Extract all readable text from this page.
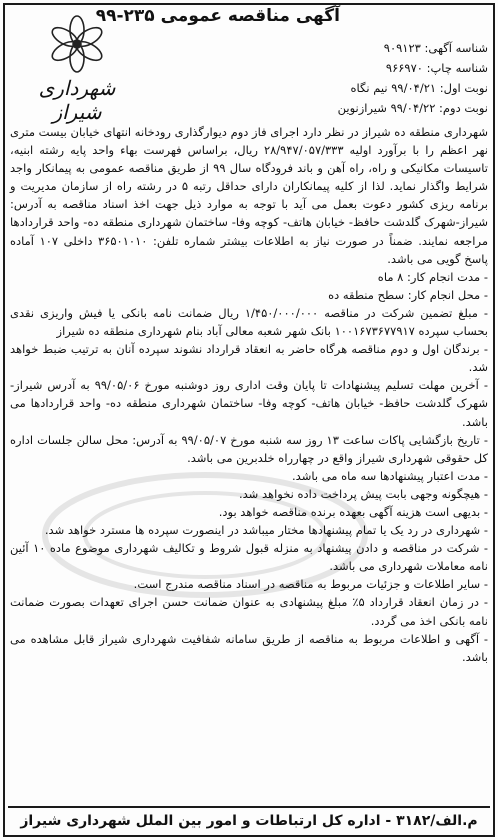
آگهی مناقصه عمومی ۲۳۵-۹۹
شناسه آگهی: ۹۰۹۱۲۳
شناسه چاپ: ۹۶۶۹۷۰
نوبت اول: ۹۹/۰۴/۲۱ نیم نگاه
نوبت دوم: ۹۹/۰۴/۲۲ شیرازنوین
شهرداری شیراز

شهرداری منطقه ده شیراز در نظر دارد اجرای فاز دوم دیوارگذاری رودخانه انتهای خیابان بیست متری نهر اعظم را با برآورد اولیه ۲۸/۹۴۷/۰۵۷/۳۳۳ ریال، براساس فهرست بهاء واحد پایه رشته ابنیه، تاسیسات مکانیکی و راه، راه آهن و باند فرودگاه سال ۹۹ از طریق مناقصه عمومی به پیمانکار واجد شرایط واگذار نماید. لذا از کلیه پیمانکاران دارای حداقل رتبه ۵ در رشته راه از سازمان مدیریت و برنامه ریزی کشور دعوت بعمل می آید با توجه به موارد ذیل جهت اخذ اسناد مناقصه به آدرس: شیراز-شهرک گلدشت حافظ- خیابان هاتف- کوچه وفا- ساختمان شهرداری منطقه ده- واحد قراردادها مراجعه نمایند. ضمناً در صورت نیاز به اطلاعات بیشتر شماره تلفن: ۳۶۵۰۱۰۱۰ داخلی ۱۰۷ آماده پاسخ گویی می باشد.

- مدت انجام کار: ۸ ماه
- محل انجام کار: سطح منطقه ده
- مبلغ تضمین شرکت در مناقصه ۱/۴۵۰/۰۰۰/۰۰۰ ریال ضمانت نامه بانکی یا فیش واریزی نقدی بحساب سپرده ۱۰۰۱۶۷۳۶۷۷۹۱۷ بانک شهر شعبه معالی آباد بنام شهرداری منطقه ده شیراز
- برندگان اول و دوم مناقصه هرگاه حاضر به انعقاد قرارداد نشوند سپرده آنان به ترتیب ضبط خواهد شد.
- آخرین مهلت تسلیم پیشنهادات تا پایان وقت اداری روز دوشنبه مورخ ۹۹/۰۵/۰۶ به آدرس شیراز-شهرک گلدشت حافظ- خیابان هاتف- کوچه وفا- ساختمان شهرداری منطقه ده- واحد قراردادها می باشد.
- تاریخ بازگشایی پاکات ساعت ۱۳ روز سه شنبه مورخ ۹۹/۰۵/۰۷ به آدرس: محل سالن جلسات اداره کل حقوقی شهرداری شیراز واقع در چهارراه خلدبرین می باشد.
- مدت اعتبار پیشنهادها سه ماه می باشد.
- هیچگونه وجهی بابت پیش پرداخت داده نخواهد شد.
- بدیهی است هزینه آگهی بعهده برنده مناقصه خواهد بود.
- شهرداری در رد یک یا تمام پیشنهادها مختار میباشد در اینصورت سپرده ها مسترد خواهد شد.
- شرکت در مناقصه و دادن پیشنهاد به منزله قبول شروط و تکالیف شهرداری موضوع ماده ۱۰ آئین نامه معاملات شهرداری می باشد.
- سایر اطلاعات و جزئیات مربوط به مناقصه در اسناد مناقصه مندرج است.
- در زمان انعقاد قرارداد ۵٪ مبلغ پیشنهادی به عنوان ضمانت حسن اجرای تعهدات بصورت ضمانت نامه بانکی اخذ می گردد.
- آگهی و اطلاعات مربوط به مناقصه از طریق سامانه شفافیت شهرداری شیراز قابل مشاهده می باشد.
م.الف/۳۱۸۲ - اداره کل ارتباطات و امور بین الملل شهرداری شیراز
